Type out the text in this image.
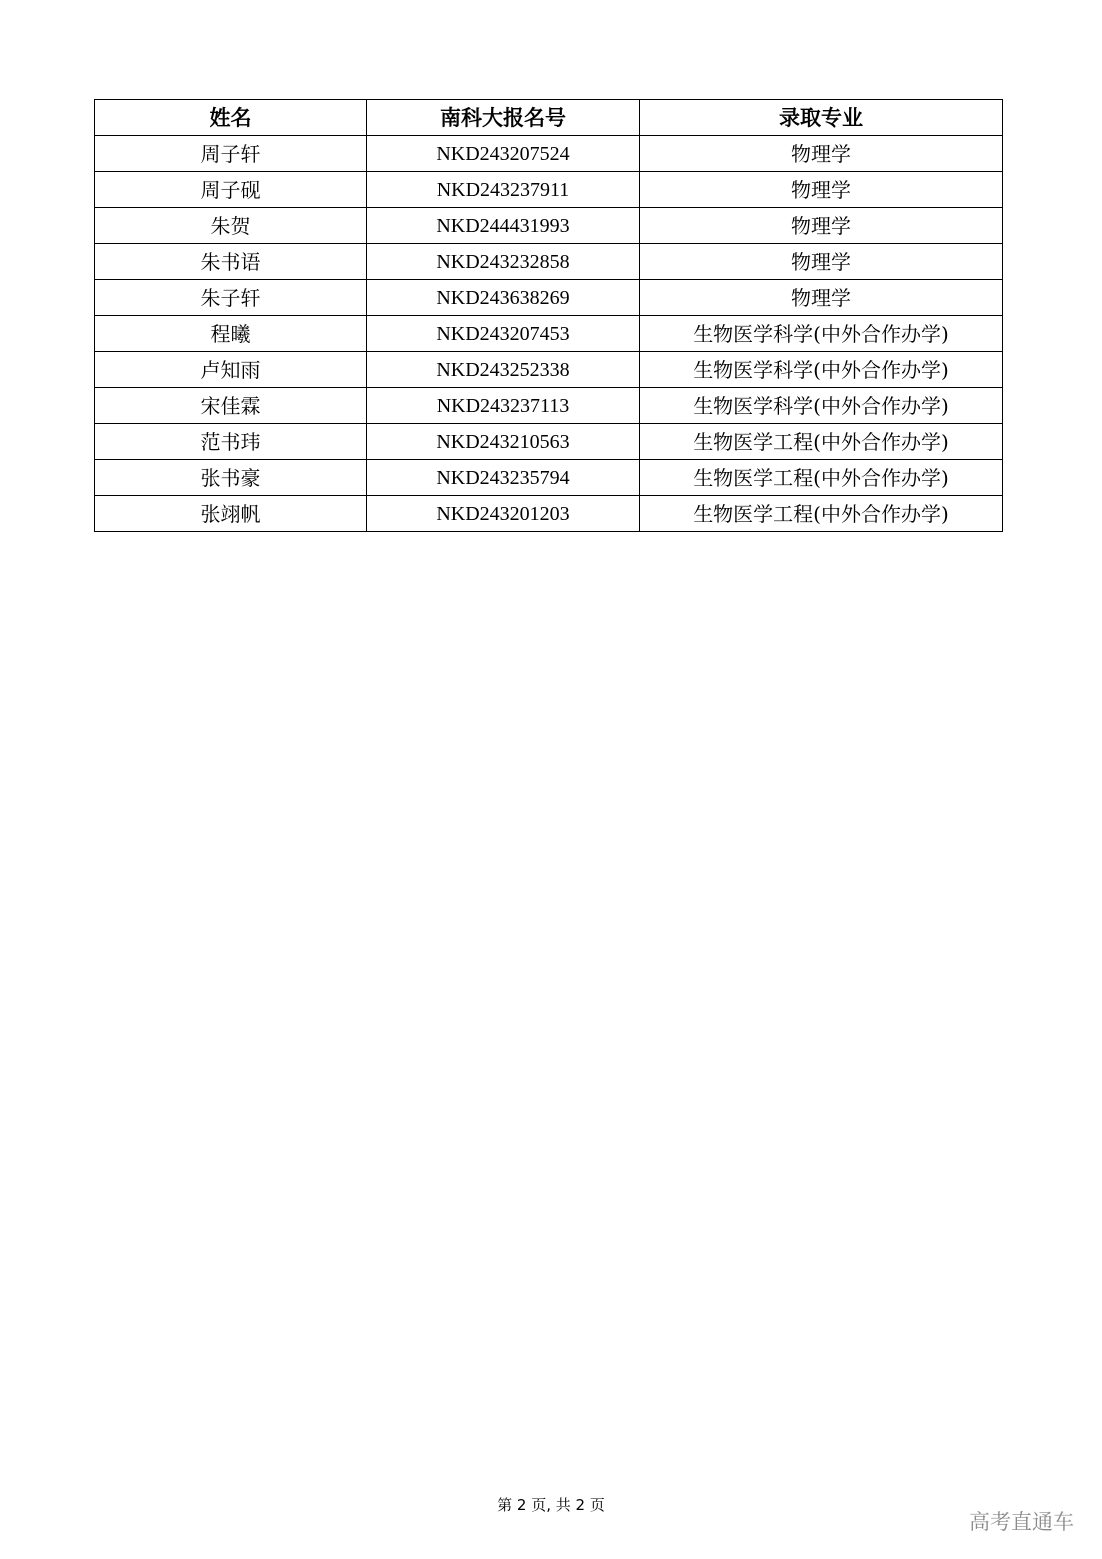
姓名	南科大报名号	录取专业
周子轩	NKD243207524	物理学
周子砚	NKD243237911	物理学
朱贺	NKD244431993	物理学
朱书语	NKD243232858	物理学
朱子轩	NKD243638269	物理学
程曦	NKD243207453	生物医学科学(中外合作办学)
卢知雨	NKD243252338	生物医学科学(中外合作办学)
宋佳霖	NKD243237113	生物医学科学(中外合作办学)
范书玮	NKD243210563	生物医学工程(中外合作办学)
张书豪	NKD243235794	生物医学工程(中外合作办学)
张翊帆	NKD243201203	生物医学工程(中外合作办学)
第 2 页, 共 2 页
高考直通车
